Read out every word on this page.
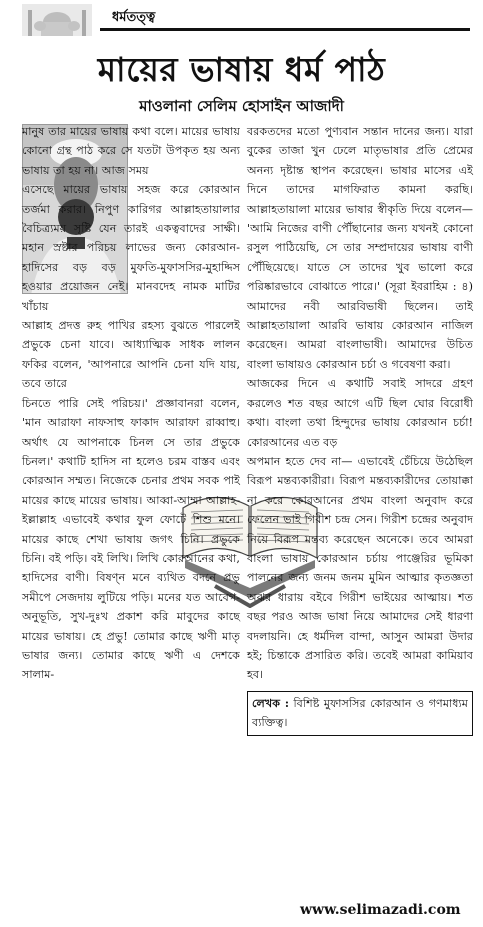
ধর্মতত্ত্ব
মায়ের ভাষায় ধর্ম পাঠ
মাওলানা সেলিম হোসাইন আজাদী

মানুষ তার মায়ের ভাষায় কথা বলে। মায়ের ভাষায় কোনো গ্রন্থ পাঠ করে সে যতটা উপকৃত হয় অন্য ভাষায় তা হয় না। আজ সময়

এসেছে মায়ের ভাষায় সহজ করে কোরআন তর্জমা করার। নিপুণ কারিগর আল্লাহতায়ালার বৈচিত্র্যময় সৃষ্টি যেন তারই একত্ববাদের সাক্ষী। মহান স্রষ্টার পরিচয় লাভের জন্য কোরআন-হাদিসের বড় বড় মুফতি-মুফাসসির-মুহাদ্দিস হওয়ার প্রয়োজন নেই। মানবদেহ নামক মাটির খাঁচায়

আল্লাহ প্রদত্ত রুহ পাখির রহস্য বুঝতে পারলেই প্রভুকে চেনা যাবে। আধ্যাত্মিক সাধক লালন ফকির বলেন, 'আপনারে আপনি চেনা যদি যায়, তবে তারে

চিনতে পারি সেই পরিচয়।' প্রজ্ঞাবানরা বলেন, 'মান আরাফা নাফসাহু ফাকাদ আরাফা রাব্বাহু। অর্থাৎ যে আপনাকে চিনল সে তার প্রভুকে চিনল।' কথাটি হাদিস না হলেও চরম বাস্তব এবং কোরআন সম্মত। নিজেকে চেনার প্রথম সবক পাই মায়ের কাছে মায়ের ভাষায়। আব্বা-আম্মা আল্লাহ-ইল্লাল্লাহ এভাবেই কথার ফুল ফোটে শিশু মনে। মায়ের কাছে শেখা ভাষায় জগৎ চিনি। প্রভুকে চিনি। বই পড়ি। বই লিখি। লিখি কোরআনের কথা, হাদিসের বাণী। বিষণ্ন মনে ব্যথিত বদনে প্রভু সমীপে সেজদায় লুটিয়ে পড়ি। মনের যত আবেগ-অনুভূতি, সুখ-দুঃখ প্রকাশ করি মাবুদের কাছে মায়ের ভাষায়। হে প্রভু! তোমার কাছে ঋণী মাতৃ ভাষার জন্য। তোমার কাছে ঋণী এ দেশকে সালাম-

বরকতদের মতো পুণ্যবান সন্তান দানের জন্য। যারা বুকের তাজা খুন ঢেলে মাতৃভাষার প্রতি প্রেমের অনন্য দৃষ্টান্ত স্থাপন করেছেন। ভাষার মাসের এই দিনে তাদের মাগফিরাত কামনা করছি। আল্লাহতায়ালা মায়ের ভাষার স্বীকৃতি দিয়ে বলেন— 'আমি নিজের বাণী পৌঁছানোর জন্য যখনই কোনো রসুল পাঠিয়েছি, সে তার সম্প্রদায়ের ভাষায় বাণী পৌঁছিয়েছে। যাতে সে তাদের খুব ভালো করে পরিষ্কারভাবে বোঝাতে পারে।' (সূরা ইবরাহিম : ৪) আমাদের নবী আরবিভাষী ছিলেন। তাই আল্লাহতায়ালা আরবি ভাষায় কোরআন নাজিল করেছেন। আমরা বাংলাভাষী। আমাদের উচিত বাংলা ভাষায়ও কোরআন চর্চা ও গবেষণা করা।

আজকের দিনে এ কথাটি সবাই সাদরে গ্রহণ করলেও শত বছর আগে এটি ছিল ঘোর বিরোধী কথা। বাংলা তথা হিন্দুদের ভাষায় কোরআন চর্চা! কোরআনের এত বড়

অপমান হতে দেব না— এভাবেই চেঁচিয়ে উঠেছিল বিরূপ মন্তব্যকারীরা। বিরূপ মন্তব্যকারীদের তোয়াক্কা না করে কোরআনের প্রথম বাংলা অনুবাদ করে ফেলেন ভাই গিরীশ চন্দ্র সেন। গিরীশ চন্দ্রের অনুবাদ নিয়ে বিরূপ মন্তব্য করেছেন অনেকে। তবে আমরা বাংলা ভাষায় কোরআন চর্চায় পাঞ্জেরির ভূমিকা পালনের জন্য জনম জনম মুমিন আত্মার কৃতজ্ঞতা অঝর ধারায় বইবে গিরীশ ভাইয়ের আত্মায়। শত বছর পরও আজ ভাষা নিয়ে আমাদের সেই ধারণা বদলায়নি। হে ধর্মদিল বান্দা, আসুন আমরা উদার হই; চিন্তাকে প্রসারিত করি। তবেই আমরা কামিয়াব হব।

লেখক : বিশিষ্ট মুফাসসির কোরআন ও গণমাধ্যম ব্যক্তিত্ব।
www.selimazadi.com
